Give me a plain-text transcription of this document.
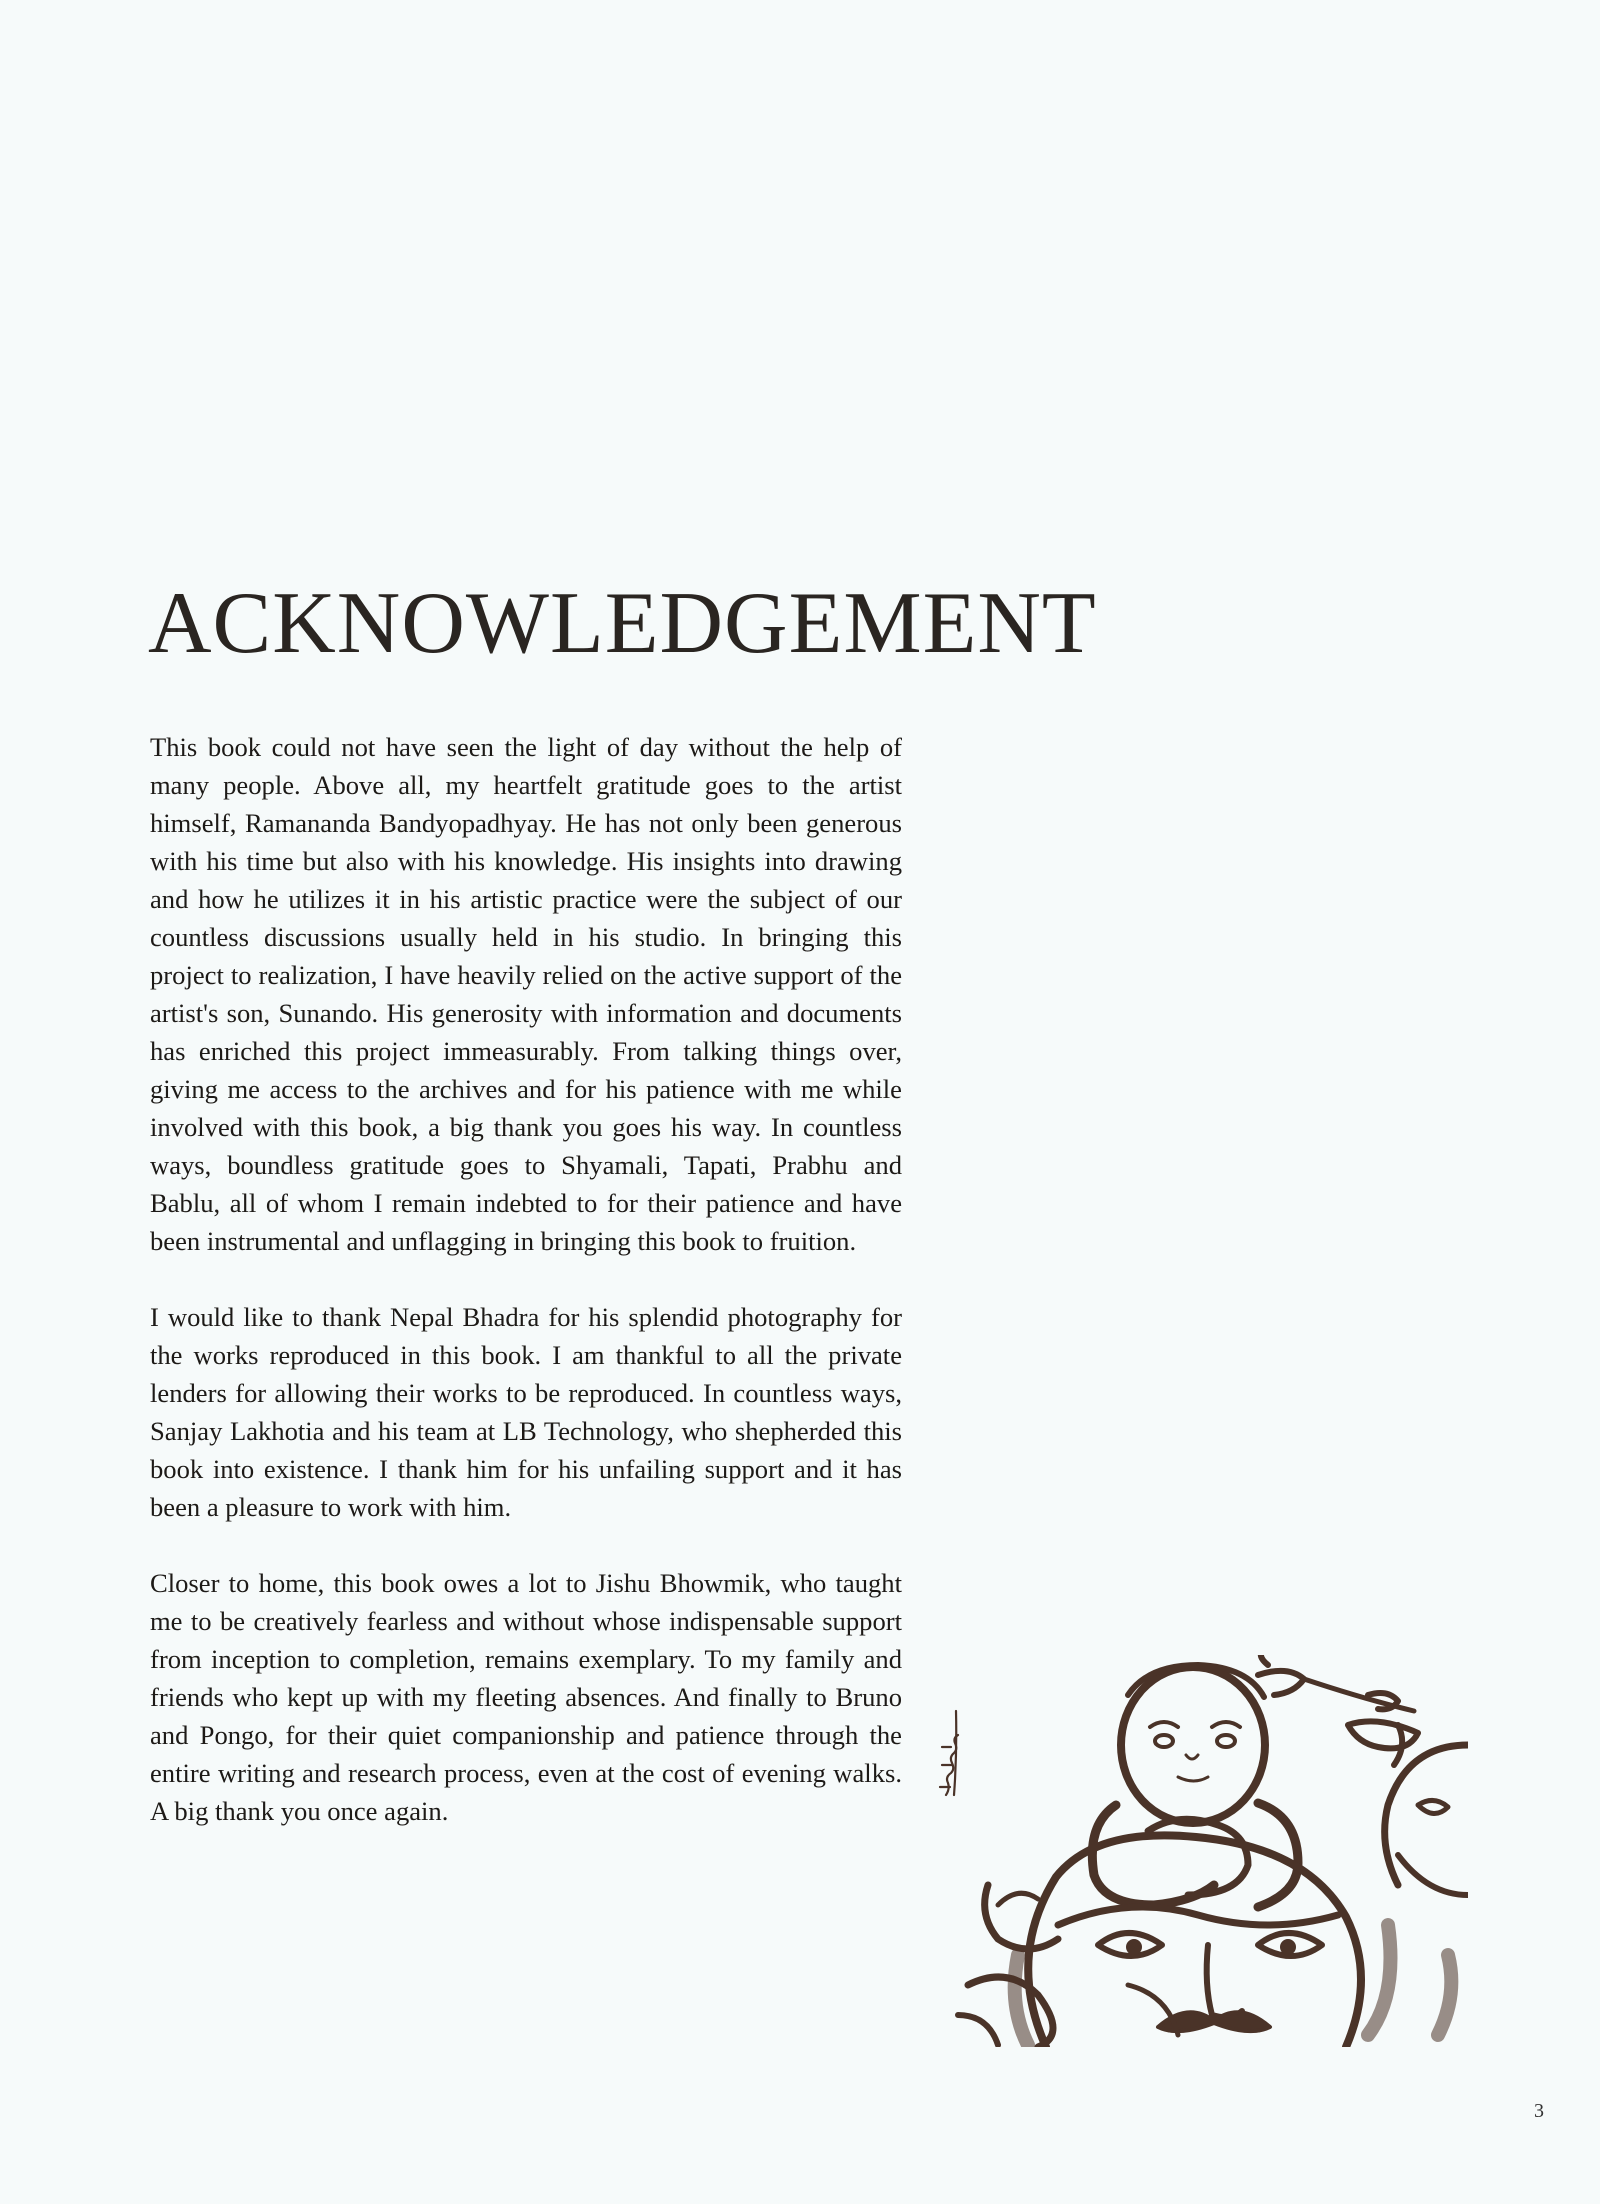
ACKNOWLEDGEMENT

This book could not have seen the light of day without the help of many people. Above all, my heartfelt gratitude goes to the artist himself, Ramananda Bandyopadhyay. He has not only been generous with his time but also with his knowledge. His insights into drawing and how he utilizes it in his artistic practice were the subject of our countless discussions usually held in his studio. In bringing this project to realization, I have heavily relied on the active support of the artist's son, Sunando. His generosity with information and documents has enriched this project immeasurably. From talking things over, giving me access to the archives and for his patience with me while involved with this book, a big thank you goes his way. In countless ways, boundless gratitude goes to Shyamali, Tapati, Prabhu and Bablu, all of whom I remain indebted to for their patience and have been instrumental and unflagging in bringing this book to fruition.

I would like to thank Nepal Bhadra for his splendid photography for the works reproduced in this book. I am thankful to all the private lenders for allowing their works to be reproduced. In countless ways, Sanjay Lakhotia and his team at LB Technology, who shepherded this book into existence. I thank him for his unfailing support and it has been a pleasure to work with him.

Closer to home, this book owes a lot to Jishu Bhowmik, who taught me to be creatively fearless and without whose indispensable support from inception to completion, remains exemplary. To my family and friends who kept up with my fleeting absences. And finally to Bruno and Pongo, for their quiet companionship and patience through the entire writing and research process, even at the cost of evening walks. A big thank you once again.

3
